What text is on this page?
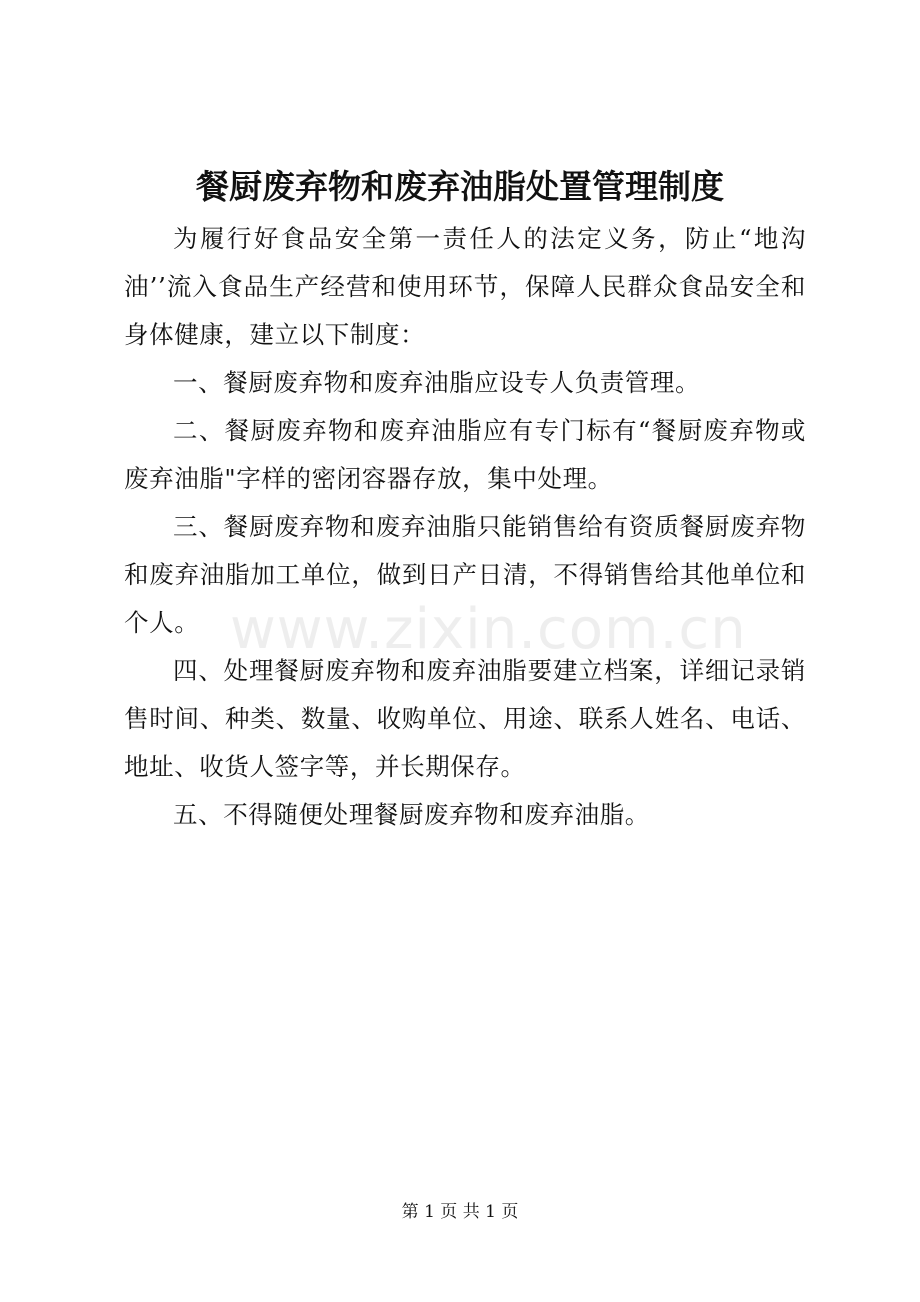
餐厨废弃物和废弃油脂处置管理制度

为履行好食品安全第一责任人的法定义务，防止“地沟油’’流入食品生产经营和使用环节，保障人民群众食品安全和身体健康，建立以下制度：

一、餐厨废弃物和废弃油脂应设专人负责管理。

二、餐厨废弃物和废弃油脂应有专门标有“餐厨废弃物或废弃油脂"字样的密闭容器存放，集中处理。

三、餐厨废弃物和废弃油脂只能销售给有资质餐厨废弃物和废弃油脂加工单位，做到日产日清，不得销售给其他单位和个人。

四、处理餐厨废弃物和废弃油脂要建立档案，详细记录销售时间、种类、数量、收购单位、用途、联系人姓名、电话、地址、收货人签字等，并长期保存。

五、不得随便处理餐厨废弃物和废弃油脂。

www.zixin.com.cn
第 1 页 共 1 页
